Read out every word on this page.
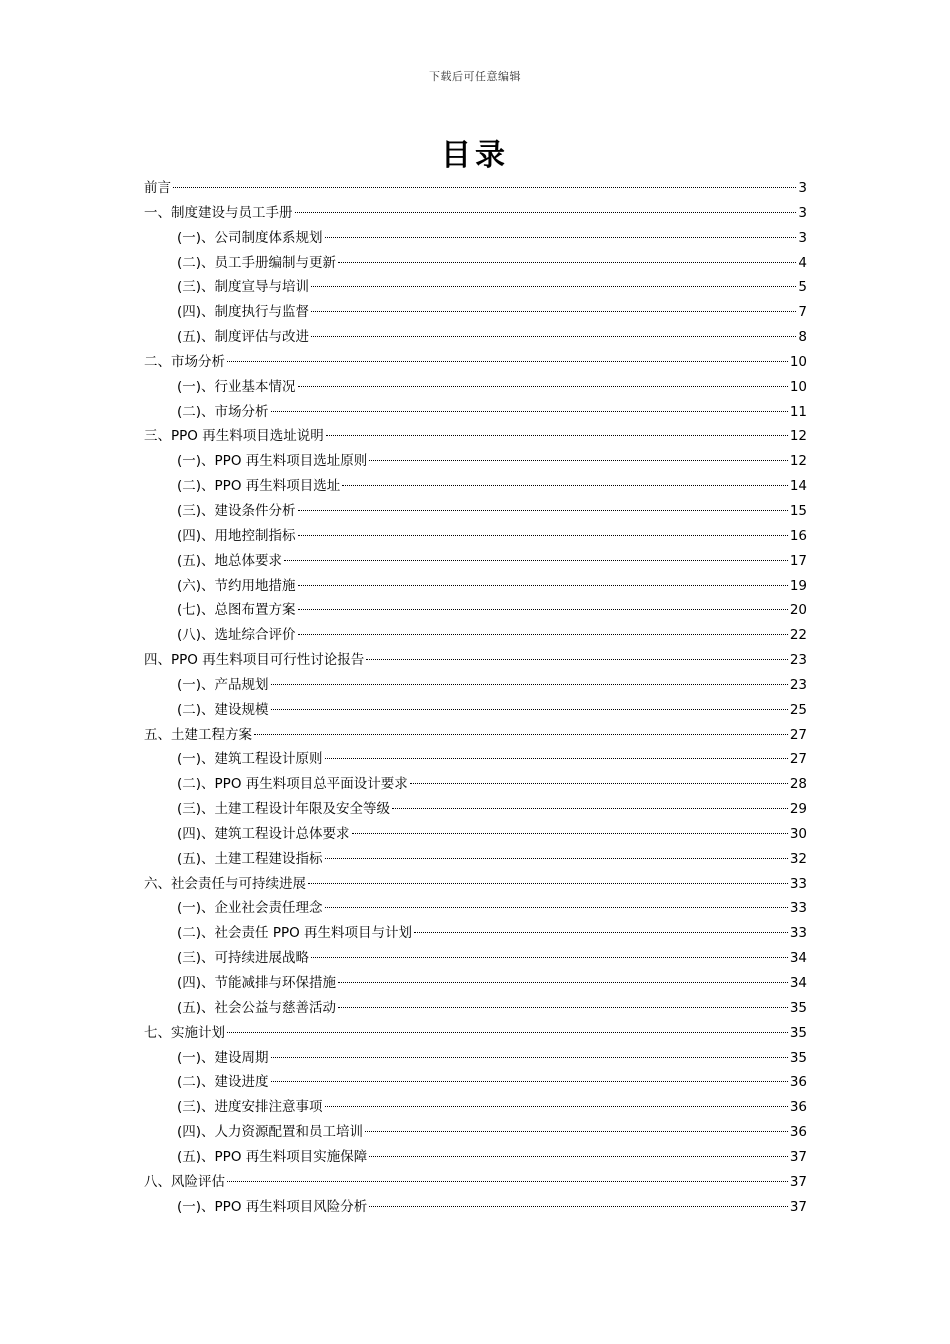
下载后可任意编辑
目录
前言	3
一、制度建设与员工手册	3
(一)、公司制度体系规划	3
(二)、员工手册编制与更新	4
(三)、制度宣导与培训	5
(四)、制度执行与监督	7
(五)、制度评估与改进	8
二、市场分析	10
(一)、行业基本情况	10
(二)、市场分析	11
三、PPO 再生料项目选址说明	12
(一)、PPO 再生料项目选址原则	12
(二)、PPO 再生料项目选址	14
(三)、建设条件分析	15
(四)、用地控制指标	16
(五)、地总体要求	17
(六)、节约用地措施	19
(七)、总图布置方案	20
(八)、选址综合评价	22
四、PPO 再生料项目可行性讨论报告	23
(一)、产品规划	23
(二)、建设规模	25
五、土建工程方案	27
(一)、建筑工程设计原则	27
(二)、PPO 再生料项目总平面设计要求	28
(三)、土建工程设计年限及安全等级	29
(四)、建筑工程设计总体要求	30
(五)、土建工程建设指标	32
六、社会责任与可持续进展	33
(一)、企业社会责任理念	33
(二)、社会责任 PPO 再生料项目与计划	33
(三)、可持续进展战略	34
(四)、节能减排与环保措施	34
(五)、社会公益与慈善活动	35
七、实施计划	35
(一)、建设周期	35
(二)、建设进度	36
(三)、进度安排注意事项	36
(四)、人力资源配置和员工培训	36
(五)、PPO 再生料项目实施保障	37
八、风险评估	37
(一)、PPO 再生料项目风险分析	37
